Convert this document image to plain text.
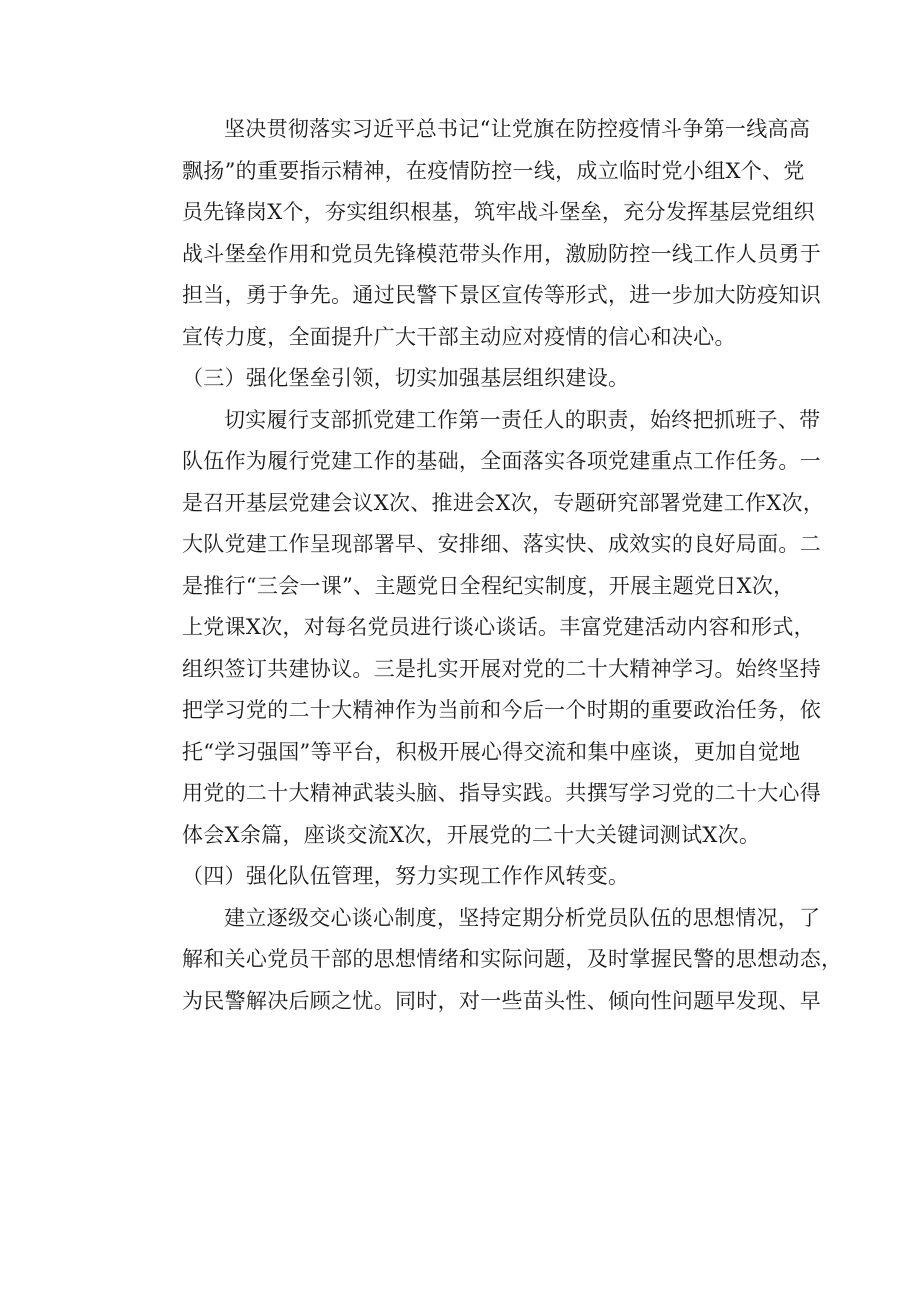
坚决贯彻落实习近平总书记“让党旗在防控疫情斗争第一线高高
飘扬”的重要指示精神，在疫情防控一线，成立临时党小组X个、党
员先锋岗X个，夯实组织根基，筑牢战斗堡垒，充分发挥基层党组织
战斗堡垒作用和党员先锋模范带头作用，激励防控一线工作人员勇于
担当，勇于争先。通过民警下景区宣传等形式，进一步加大防疫知识
宣传力度，全面提升广大干部主动应对疫情的信心和决心。
（三）强化堡垒引领，切实加强基层组织建设。
切实履行支部抓党建工作第一责任人的职责，始终把抓班子、带
队伍作为履行党建工作的基础，全面落实各项党建重点工作任务。一
是召开基层党建会议X次、推进会X次，专题研究部署党建工作X次，
大队党建工作呈现部署早、安排细、落实快、成效实的良好局面。二
是推行“三会一课”、主题党日全程纪实制度，开展主题党日X次，
上党课X次，对每名党员进行谈心谈话。丰富党建活动内容和形式，
组织签订共建协议。三是扎实开展对党的二十大精神学习。始终坚持
把学习党的二十大精神作为当前和今后一个时期的重要政治任务，依
托“学习强国”等平台，积极开展心得交流和集中座谈，更加自觉地
用党的二十大精神武装头脑、指导实践。共撰写学习党的二十大心得
体会X余篇，座谈交流X次，开展党的二十大关键词测试X次。
（四）强化队伍管理，努力实现工作作风转变。
建立逐级交心谈心制度，坚持定期分析党员队伍的思想情况，了
解和关心党员干部的思想情绪和实际问题，及时掌握民警的思想动态，
为民警解决后顾之忧。同时，对一些苗头性、倾向性问题早发现、早
